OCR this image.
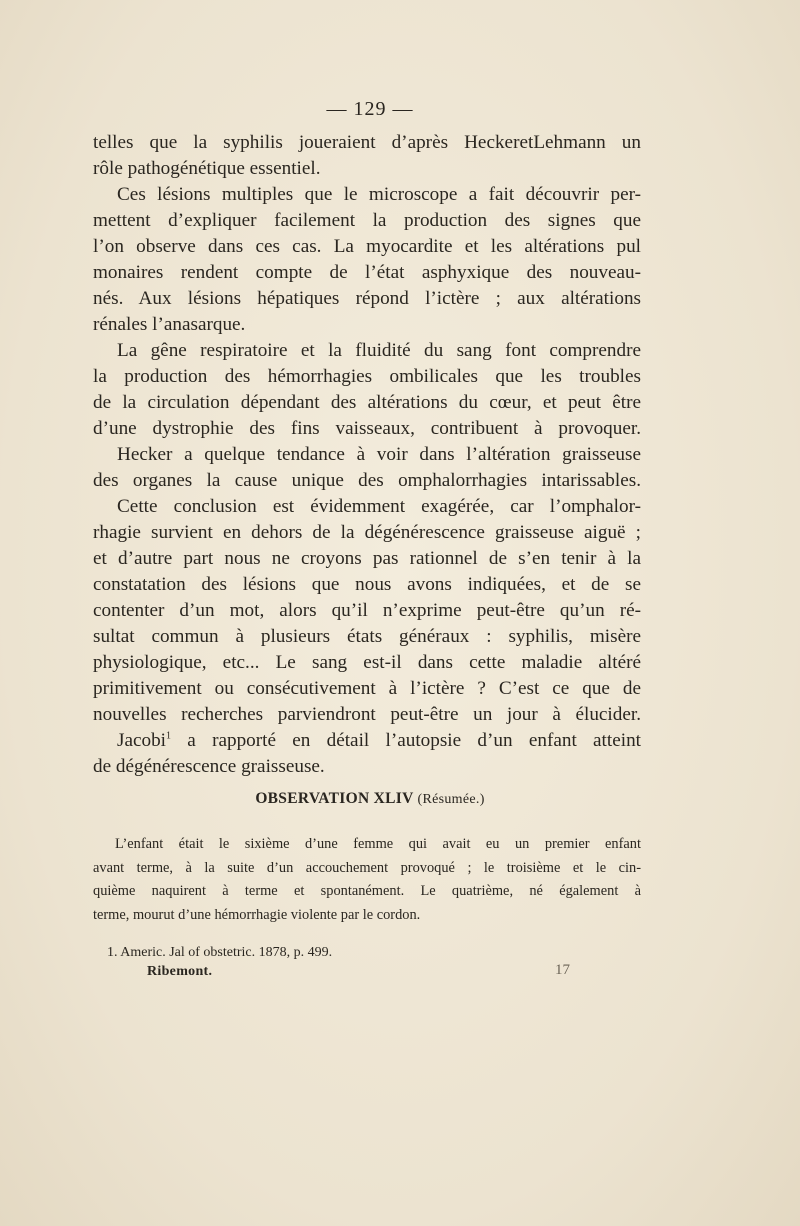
— 129 —
telles que la syphilis joueraient d’après HeckeretLehmann un
rôle pathogénétique essentiel.
Ces lésions multiples que le microscope a fait découvrir per-
mettent d’expliquer facilement la production des signes que
l’on observe dans ces cas. La myocardite et les altérations pul
monaires rendent compte de l’état asphyxique des nouveau-
nés. Aux lésions hépatiques répond l’ictère ; aux altérations
rénales l’anasarque.
La gêne respiratoire et la fluidité du sang font comprendre
la production des hémorrhagies ombilicales que les troubles
de la circulation dépendant des altérations du cœur, et peut être
d’une dystrophie des fins vaisseaux, contribuent à provoquer.
Hecker a quelque tendance à voir dans l’altération graisseuse
des organes la cause unique des omphalorrhagies intarissables.
Cette conclusion est évidemment exagérée, car l’omphalor-
rhagie survient en dehors de la dégénérescence graisseuse aiguë ;
et d’autre part nous ne croyons pas rationnel de s’en tenir à la
constatation des lésions que nous avons indiquées, et de se
contenter d’un mot, alors qu’il n’exprime peut-être qu’un ré-
sultat commun à plusieurs états généraux : syphilis, misère
physiologique, etc... Le sang est-il dans cette maladie altéré
primitivement ou consécutivement à l’ictère ? C’est ce que de
nouvelles recherches parviendront peut-être un jour à élucider.
Jacobi$^1$ a rapporté en détail l’autopsie d’un enfant atteint
de dégénérescence graisseuse.
OBSERVATION XLIV (Résumée.)
L’enfant était le sixième d’une femme qui avait eu un premier enfant
avant terme, à la suite d’un accouchement provoqué ; le troisième et le cin-
quième naquirent à terme et spontanément. Le quatrième, né également à
terme, mourut d’une hémorrhagie violente par le cordon.
1. Americ. Jal of obstetric. 1878, p. 499.
Ribemont.	17
